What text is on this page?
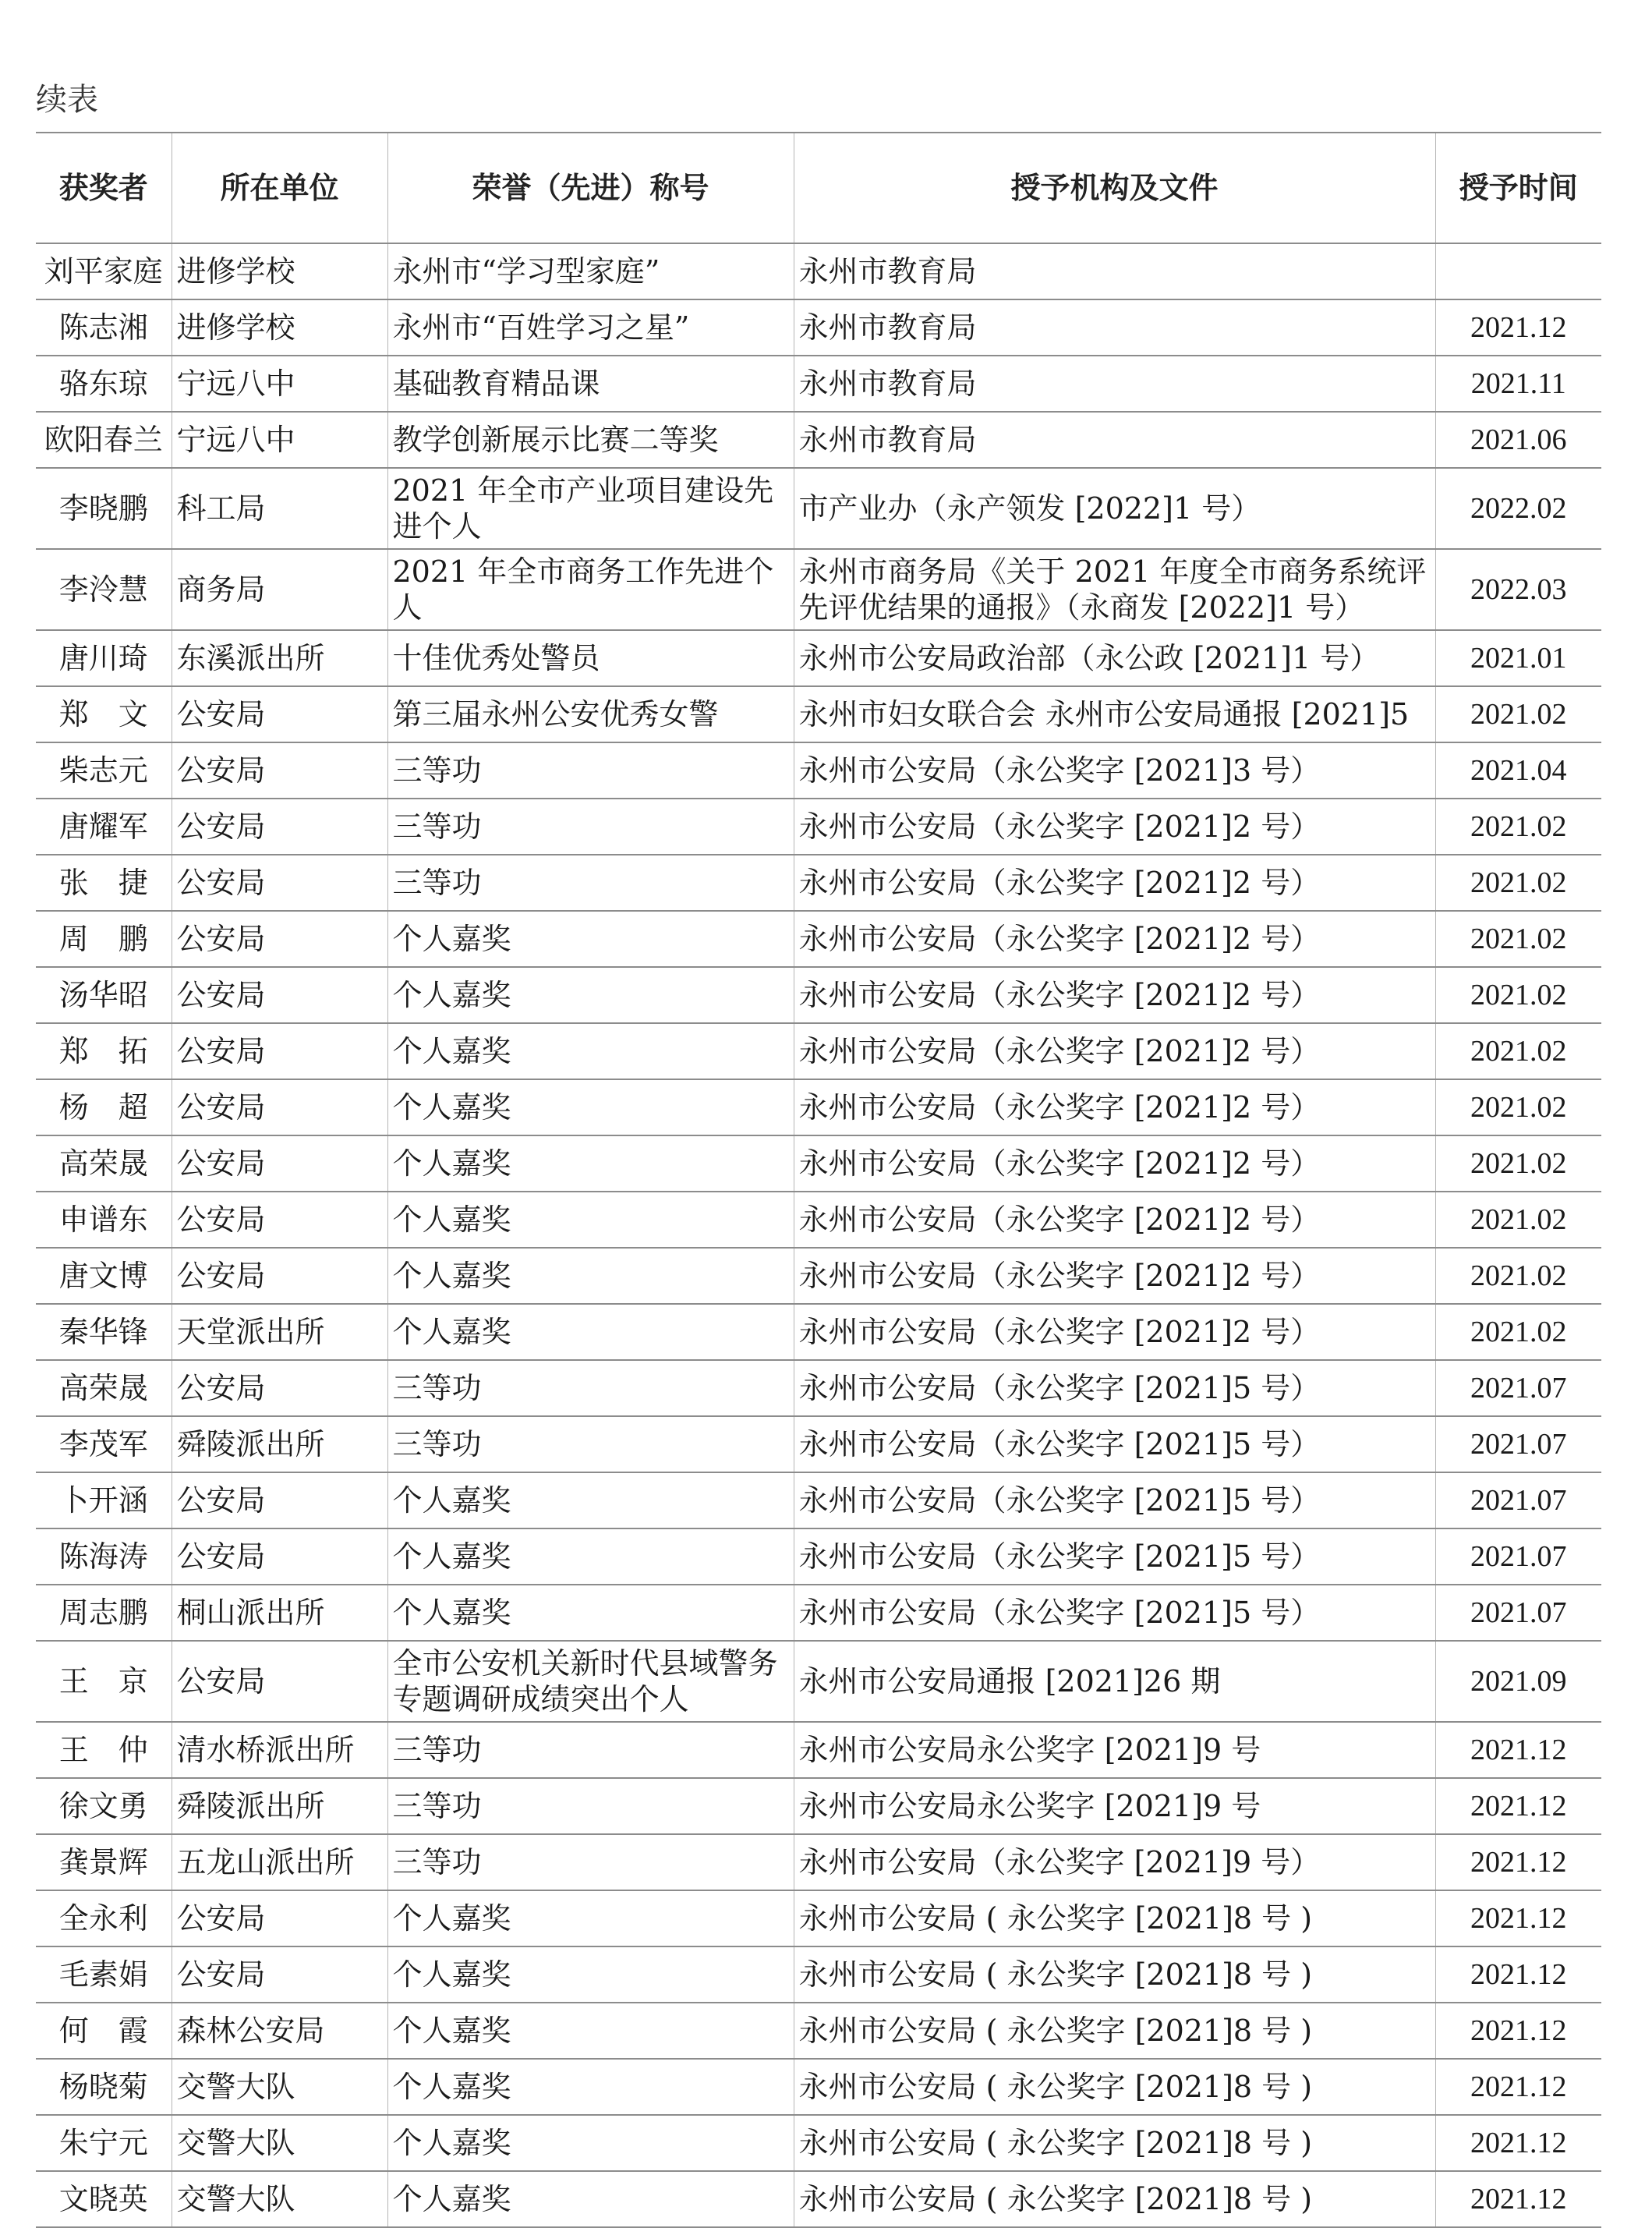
续表
获奖者	所在单位	荣誉（先进）称号	授予机构及文件	授予时间
刘平家庭	进修学校	永州市“学习型家庭”	永州市教育局	
陈志湘	进修学校	永州市“百姓学习之星”	永州市教育局	2021.12
骆东琼	宁远八中	基础教育精品课	永州市教育局	2021.11
欧阳春兰	宁远八中	教学创新展示比赛二等奖	永州市教育局	2021.06
李晓鹏	科工局	2021 年全市产业项目建设先进个人	市产业办（永产领发 [2022]1 号）	2022.02
李泠慧	商务局	2021 年全市商务工作先进个人	永州市商务局《关于 2021 年度全市商务系统评先评优结果的通报》（永商发 [2022]1 号）	2022.03
唐川琦	东溪派出所	十佳优秀处警员	永州市公安局政治部（永公政 [2021]1 号）	2021.01
郑　文	公安局	第三届永州公安优秀女警	永州市妇女联合会 永州市公安局通报 [2021]5	2021.02
柴志元	公安局	三等功	永州市公安局（永公奖字 [2021]3 号）	2021.04
唐耀军	公安局	三等功	永州市公安局（永公奖字 [2021]2 号）	2021.02
张　捷	公安局	三等功	永州市公安局（永公奖字 [2021]2 号）	2021.02
周　鹏	公安局	个人嘉奖	永州市公安局（永公奖字 [2021]2 号）	2021.02
汤华昭	公安局	个人嘉奖	永州市公安局（永公奖字 [2021]2 号）	2021.02
郑　拓	公安局	个人嘉奖	永州市公安局（永公奖字 [2021]2 号）	2021.02
杨　超	公安局	个人嘉奖	永州市公安局（永公奖字 [2021]2 号）	2021.02
高荣晟	公安局	个人嘉奖	永州市公安局（永公奖字 [2021]2 号）	2021.02
申谱东	公安局	个人嘉奖	永州市公安局（永公奖字 [2021]2 号）	2021.02
唐文博	公安局	个人嘉奖	永州市公安局（永公奖字 [2021]2 号）	2021.02
秦华锋	天堂派出所	个人嘉奖	永州市公安局（永公奖字 [2021]2 号）	2021.02
高荣晟	公安局	三等功	永州市公安局（永公奖字 [2021]5 号）	2021.07
李茂军	舜陵派出所	三等功	永州市公安局（永公奖字 [2021]5 号）	2021.07
卜开涵	公安局	个人嘉奖	永州市公安局（永公奖字 [2021]5 号）	2021.07
陈海涛	公安局	个人嘉奖	永州市公安局（永公奖字 [2021]5 号）	2021.07
周志鹏	桐山派出所	个人嘉奖	永州市公安局（永公奖字 [2021]5 号）	2021.07
王　京	公安局	全市公安机关新时代县域警务专题调研成绩突出个人	永州市公安局通报 [2021]26 期	2021.09
王　仲	清水桥派出所	三等功	永州市公安局永公奖字 [2021]9 号	2021.12
徐文勇	舜陵派出所	三等功	永州市公安局永公奖字 [2021]9 号	2021.12
龚景辉	五龙山派出所	三等功	永州市公安局（永公奖字 [2021]9 号）	2021.12
全永利	公安局	个人嘉奖	永州市公安局 ( 永公奖字 [2021]8 号 )	2021.12
毛素娟	公安局	个人嘉奖	永州市公安局 ( 永公奖字 [2021]8 号 )	2021.12
何　霞	森林公安局	个人嘉奖	永州市公安局 ( 永公奖字 [2021]8 号 )	2021.12
杨晓菊	交警大队	个人嘉奖	永州市公安局 ( 永公奖字 [2021]8 号 )	2021.12
朱宁元	交警大队	个人嘉奖	永州市公安局 ( 永公奖字 [2021]8 号 )	2021.12
文晓英	交警大队	个人嘉奖	永州市公安局 ( 永公奖字 [2021]8 号 )	2021.12
